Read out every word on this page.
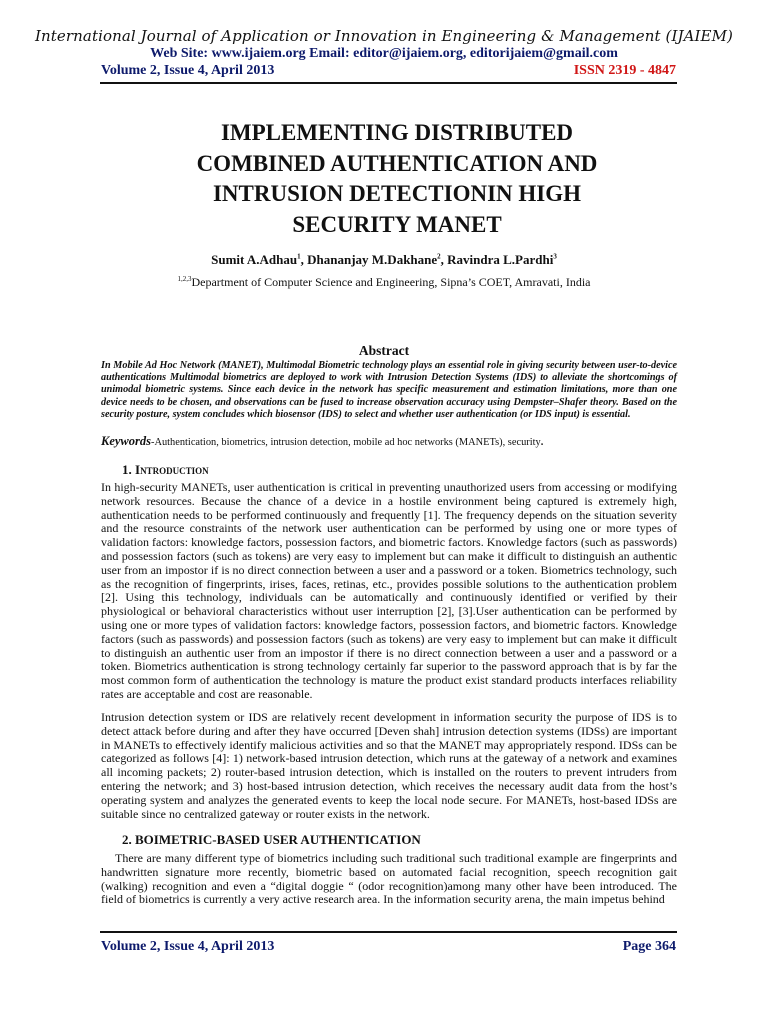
International Journal of Application or Innovation in Engineering & Management (IJAIEM)
Web Site: www.ijaiem.org Email: editor@ijaiem.org, editorijaiem@gmail.com
Volume 2, Issue 4, April 2013	ISSN 2319 - 4847
IMPLEMENTING DISTRIBUTED
COMBINED AUTHENTICATION AND
INTRUSION DETECTIONIN HIGH
SECURITY MANET
Sumit A.Adhau$^1$, Dhananjay M.Dakhane$^2$, Ravindra L.Pardhi$^3$
$^{1,2,3}$Department of Computer Science and Engineering, Sipna’s COET, Amravati, India
Abstract
In Mobile Ad Hoc Network (MANET), Multimodal Biometric technology plays an essential role in giving security between user-to-device authentications Multimodal biometrics are deployed to work with Intrusion Detection Systems (IDS) to alleviate the shortcomings of unimodal biometric systems. Since each device in the network has specific measurement and estimation limitations, more than one device needs to be chosen, and observations can be fused to increase observation accuracy using Dempster–Shafer theory. Based on the security posture, system concludes which biosensor (IDS) to select and whether user authentication (or IDS input) is essential.
Keywords-Authentication, biometrics, intrusion detection, mobile ad hoc networks (MANETs), security.
1. Introduction
In high-security MANETs, user authentication is critical in preventing unauthorized users from accessing or modifying network resources. Because the chance of a device in a hostile environment being captured is extremely high, authentication needs to be performed continuously and frequently [1]. The frequency depends on the situation severity and the resource constraints of the network user authentication can be performed by using one or more types of validation factors: knowledge factors, possession factors, and biometric factors. Knowledge factors (such as passwords) and possession factors (such as tokens) are very easy to implement but can make it difficult to distinguish an authentic user from an impostor if is no direct connection between a user and a password or a token. Biometrics technology, such as the recognition of fingerprints, irises, faces, retinas, etc., provides possible solutions to the authentication problem [2]. Using this technology, individuals can be automatically and continuously identified or verified by their physiological or behavioral characteristics without user interruption [2], [3].User authentication can be performed by using one or more types of validation factors: knowledge factors, possession factors, and biometric factors. Knowledge factors (such as passwords) and possession factors (such as tokens) are very easy to implement but can make it difficult to distinguish an authentic user from an impostor if there is no direct connection between a user and a password or a token. Biometrics authentication is strong technology certainly far superior to the password approach that is by far the most common form of authentication the technology is mature the product exist standard products interfaces reliability rates are acceptable and cost are reasonable.
Intrusion detection system or IDS are relatively recent development in information security the purpose of IDS is to detect attack before during and after they have occurred [Deven shah] intrusion detection systems (IDSs) are important in MANETs to effectively identify malicious activities and so that the MANET may appropriately respond. IDSs can be categorized as follows [4]: 1) network-based intrusion detection, which runs at the gateway of a network and examines all incoming packets; 2) router-based intrusion detection, which is installed on the routers to prevent intruders from entering the network; and 3) host-based intrusion detection, which receives the necessary audit data from the host’s operating system and analyzes the generated events to keep the local node secure. For MANETs, host-based IDSs are suitable since no centralized gateway or router exists in the network.
2. BOIMETRIC-BASED USER AUTHENTICATION
There are many different type of biometrics including such traditional such traditional example are fingerprints and handwritten signature more recently, biometric based on automated facial recognition, speech recognition gait (walking) recognition and even a “digital doggie “ (odor recognition)among many other have been introduced. The field of biometrics is currently a very active research area. In the information security arena, the main impetus behind
Volume 2, Issue 4, April 2013	Page 364
